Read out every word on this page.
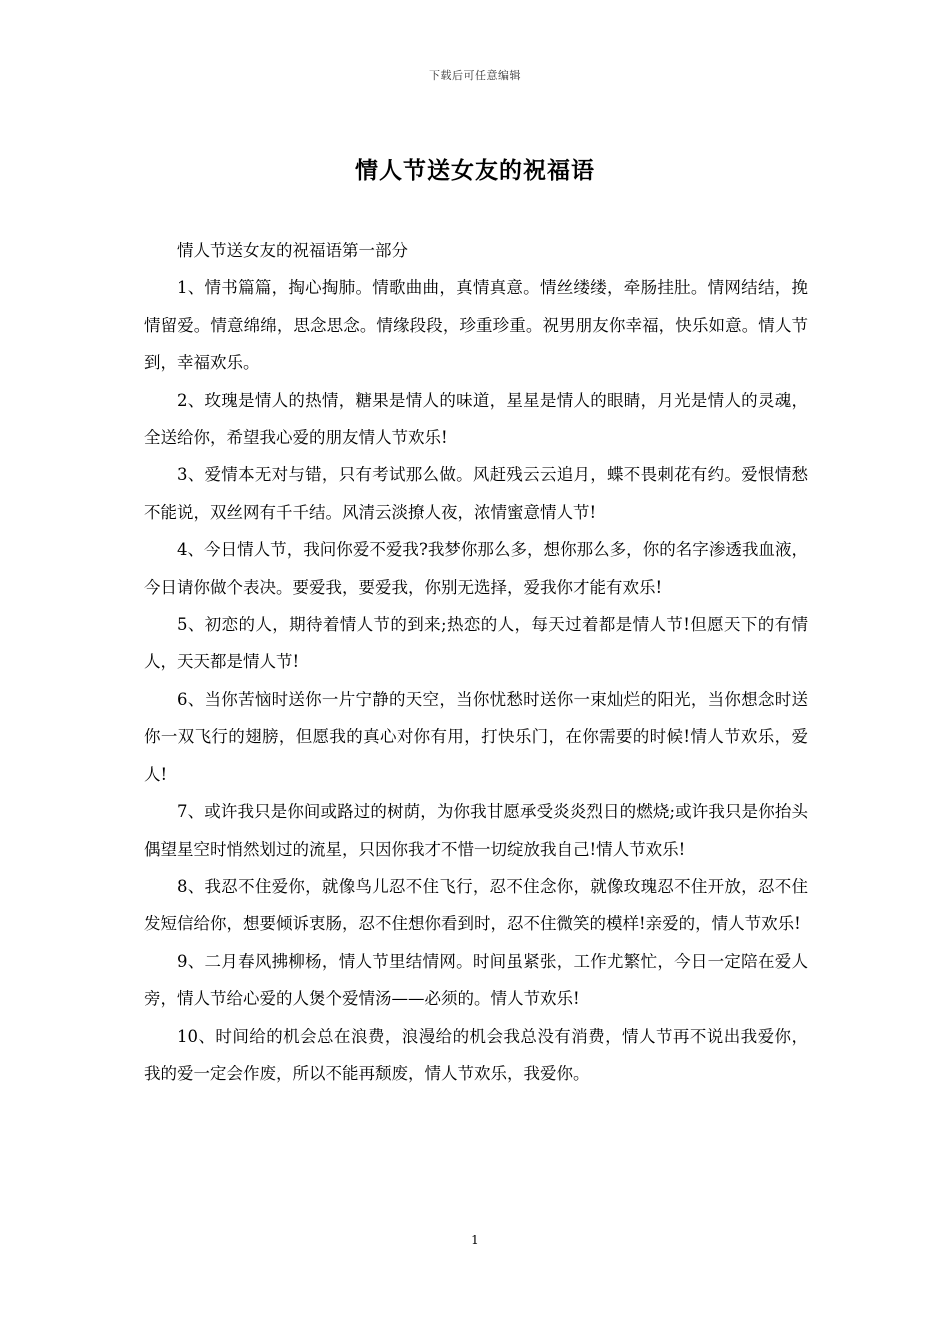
下载后可任意编辑
情人节送女友的祝福语

情人节送女友的祝福语第一部分

1、情书篇篇，掏心掏肺。情歌曲曲，真情真意。情丝缕缕，牵肠挂肚。情网结结，挽情留爱。情意绵绵，思念思念。情缘段段，珍重珍重。祝男朋友你幸福，快乐如意。情人节到，幸福欢乐。

2、玫瑰是情人的热情，糖果是情人的味道，星星是情人的眼睛，月光是情人的灵魂，全送给你，希望我心爱的朋友情人节欢乐!

3、爱情本无对与错，只有考试那么做。风赶残云云追月，蝶不畏刺花有约。爱恨情愁不能说，双丝网有千千结。风清云淡撩人夜，浓情蜜意情人节!

4、今日情人节，我问你爱不爱我?我梦你那么多，想你那么多，你的名字渗透我血液，今日请你做个表决。要爱我，要爱我，你别无选择，爱我你才能有欢乐!

5、初恋的人，期待着情人节的到来;热恋的人，每天过着都是情人节!但愿天下的有情人，天天都是情人节!

6、当你苦恼时送你一片宁静的天空，当你忧愁时送你一束灿烂的阳光，当你想念时送你一双飞行的翅膀，但愿我的真心对你有用，打快乐门，在你需要的时候!情人节欢乐，爱人!

7、或许我只是你间或路过的树荫，为你我甘愿承受炎炎烈日的燃烧;或许我只是你抬头偶望星空时悄然划过的流星，只因你我才不惜一切绽放我自己!情人节欢乐!

8、我忍不住爱你，就像鸟儿忍不住飞行，忍不住念你，就像玫瑰忍不住开放，忍不住发短信给你，想要倾诉衷肠，忍不住想你看到时，忍不住微笑的模样!亲爱的，情人节欢乐!

9、二月春风拂柳杨，情人节里结情网。时间虽紧张，工作尤繁忙，今日一定陪在爱人旁，情人节给心爱的人煲个爱情汤——必须的。情人节欢乐!

10、时间给的机会总在浪费，浪漫给的机会我总没有消费，情人节再不说出我爱你，我的爱一定会作废，所以不能再颓废，情人节欢乐，我爱你。

1
